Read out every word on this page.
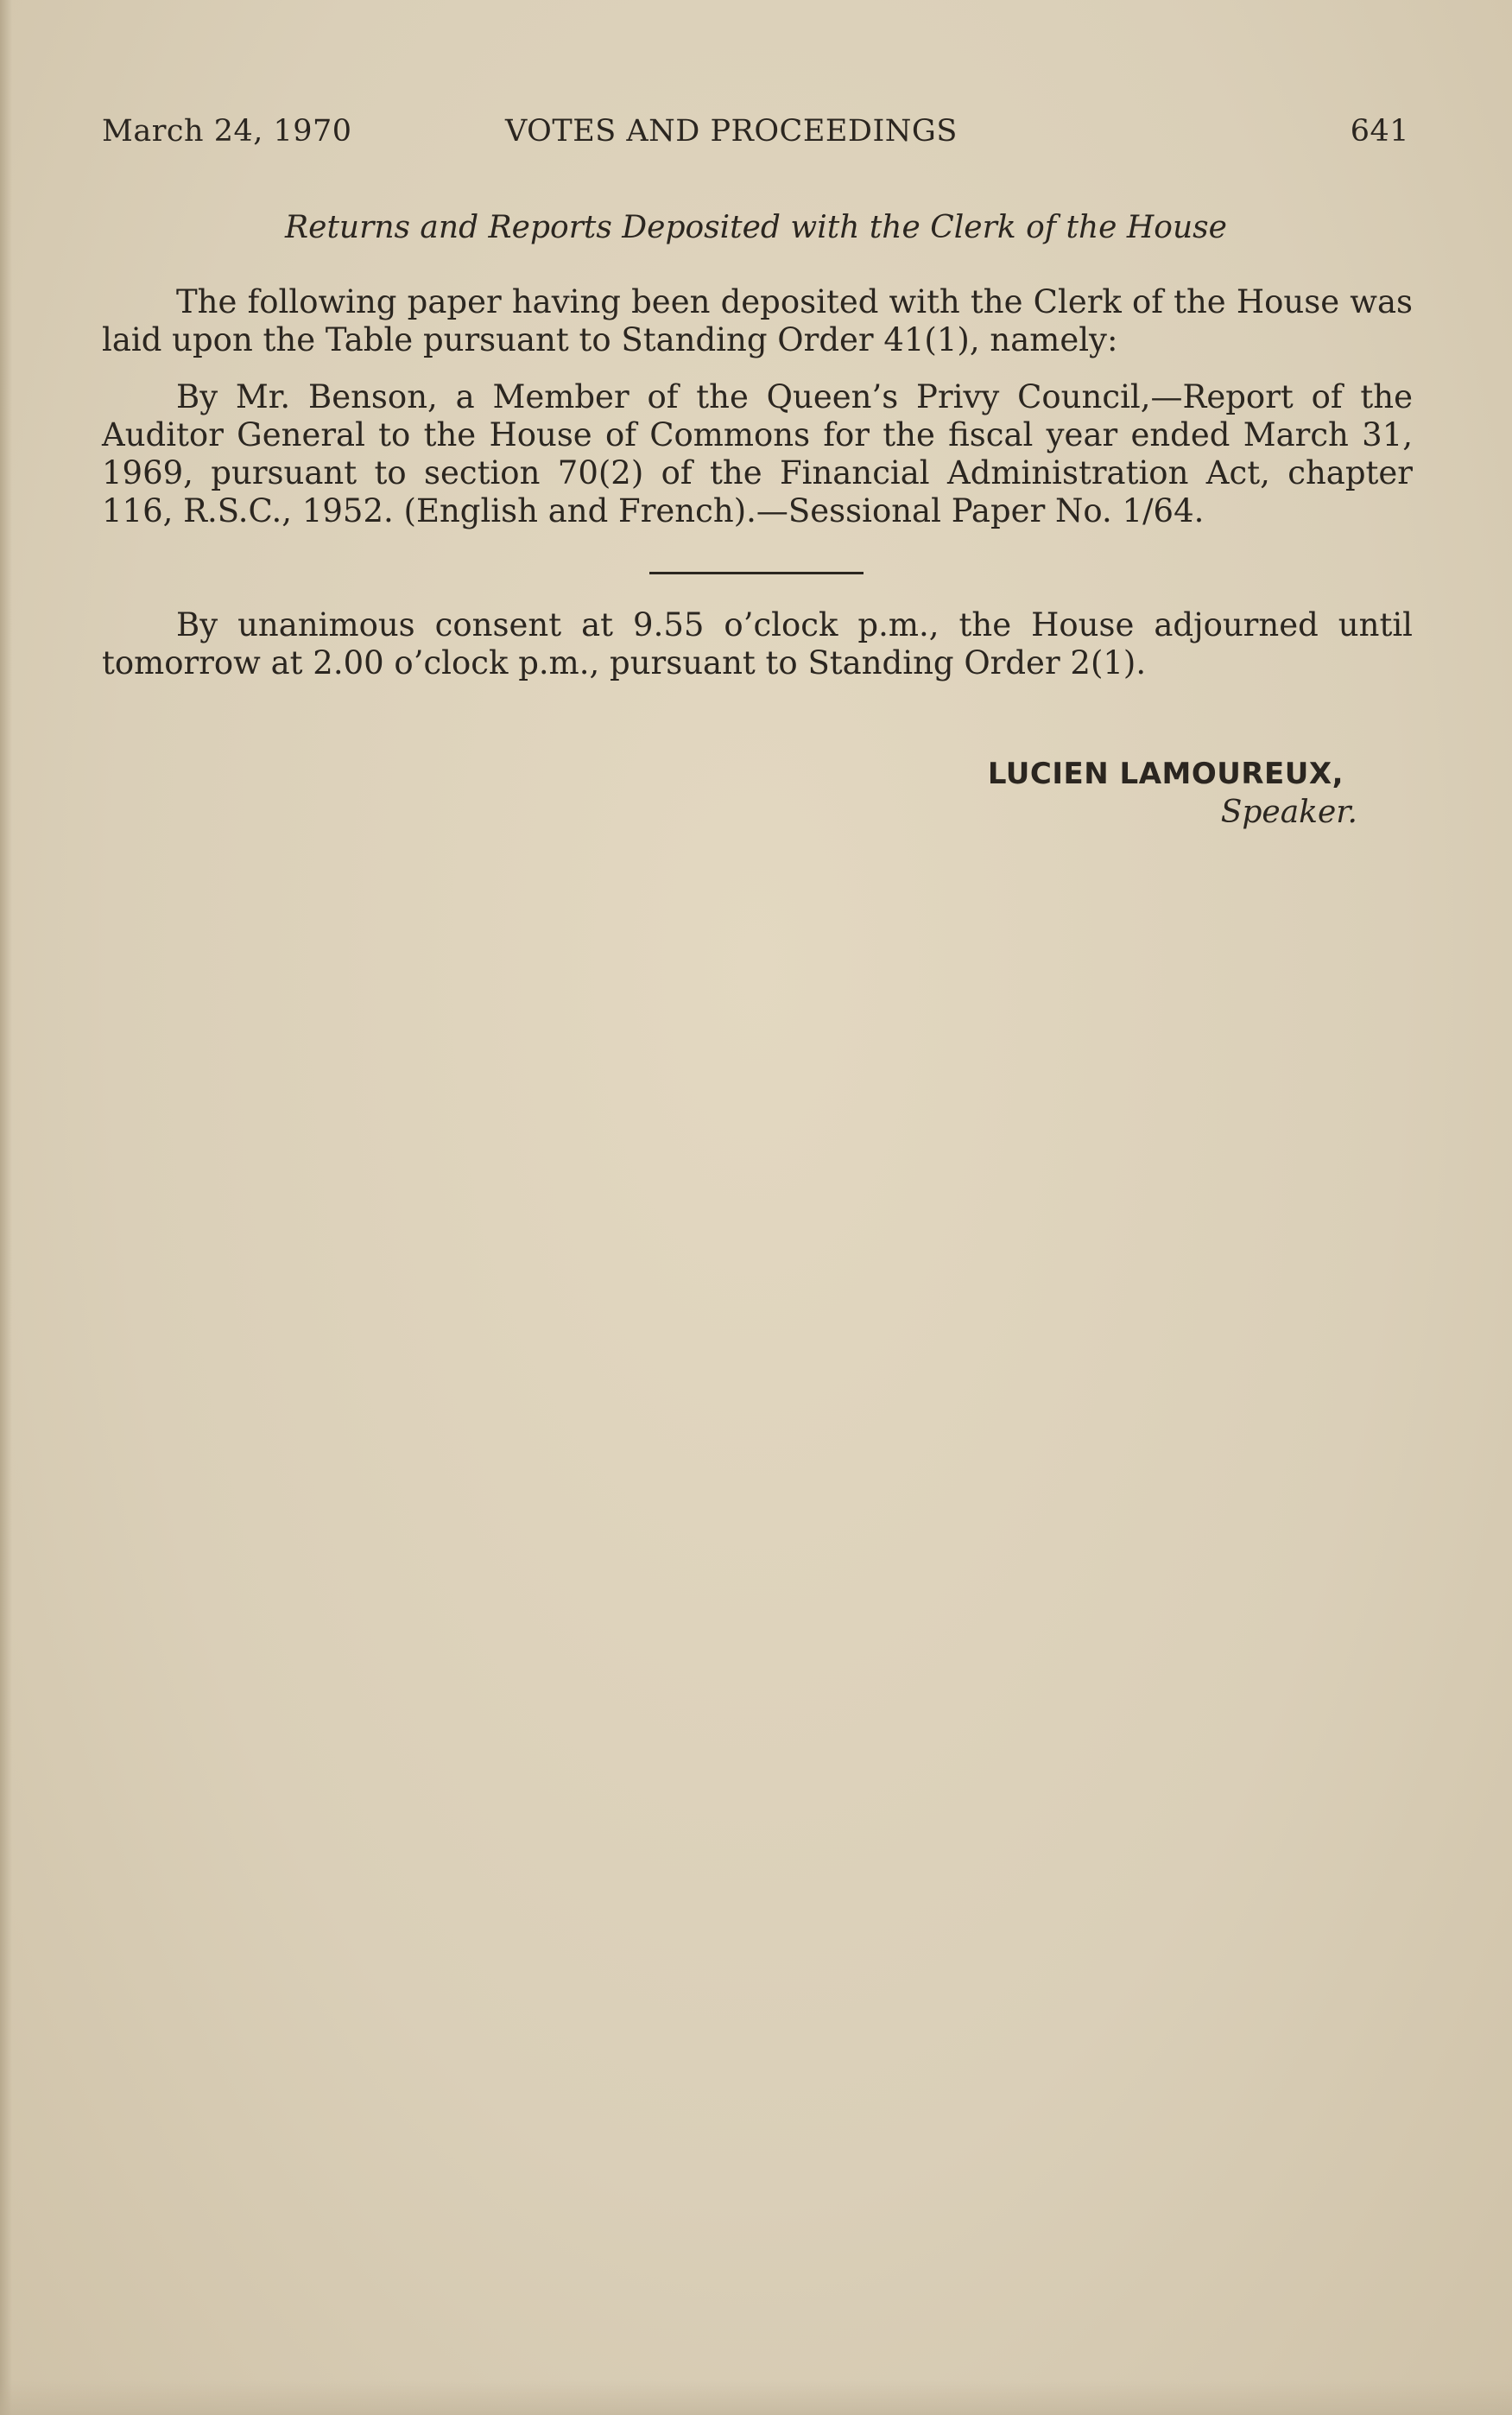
March 24, 1970	VOTES AND PROCEEDINGS	641
Returns and Reports Deposited with the Clerk of the House

The following paper having been deposited with the Clerk of the House was laid upon the Table pursuant to Standing Order 41(1), namely:

By Mr. Benson, a Member of the Queen’s Privy Council,—Report of the Auditor General to the House of Commons for the fiscal year ended March 31, 1969, pursuant to section 70(2) of the Financial Administration Act, chapter 116, R.S.C., 1952. (English and French).—Sessional Paper No. 1/64.

By unanimous consent at 9.55 o’clock p.m., the House adjourned until tomorrow at 2.00 o’clock p.m., pursuant to Standing Order 2(1).

LUCIEN LAMOUREUX,
Speaker.
